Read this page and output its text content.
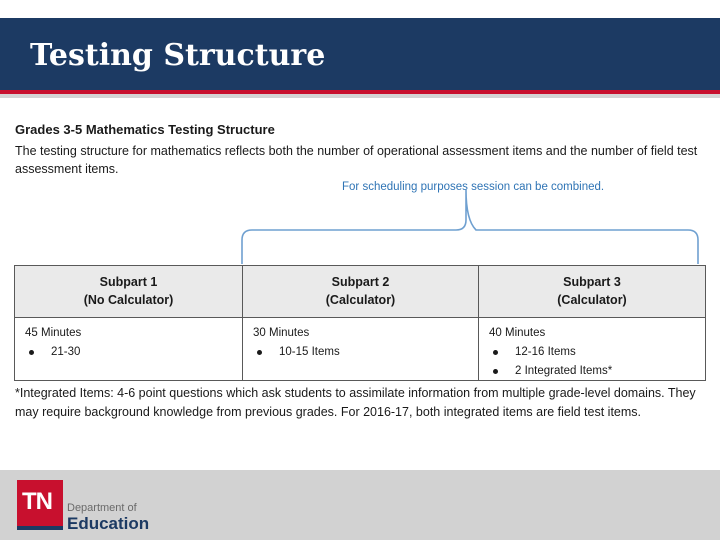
Testing Structure

Grades 3-5 Mathematics Testing Structure

The testing structure for mathematics reflects both the number of operational assessment items and the number of field test assessment items.

For scheduling purposes session can be combined.
Subpart 1
(No Calculator)
Subpart 2
(Calculator)
Subpart 3
(Calculator)
45 Minutes
21-30
30 Minutes
10-15 Items
40 Minutes
12-16 Items
2 Integrated Items*

*Integrated Items: 4-6 point questions which ask students to assimilate information from multiple grade-level domains. They may require background knowledge from previous grades. For 2016-17, both integrated items are field test items.

TN Department of
Education
